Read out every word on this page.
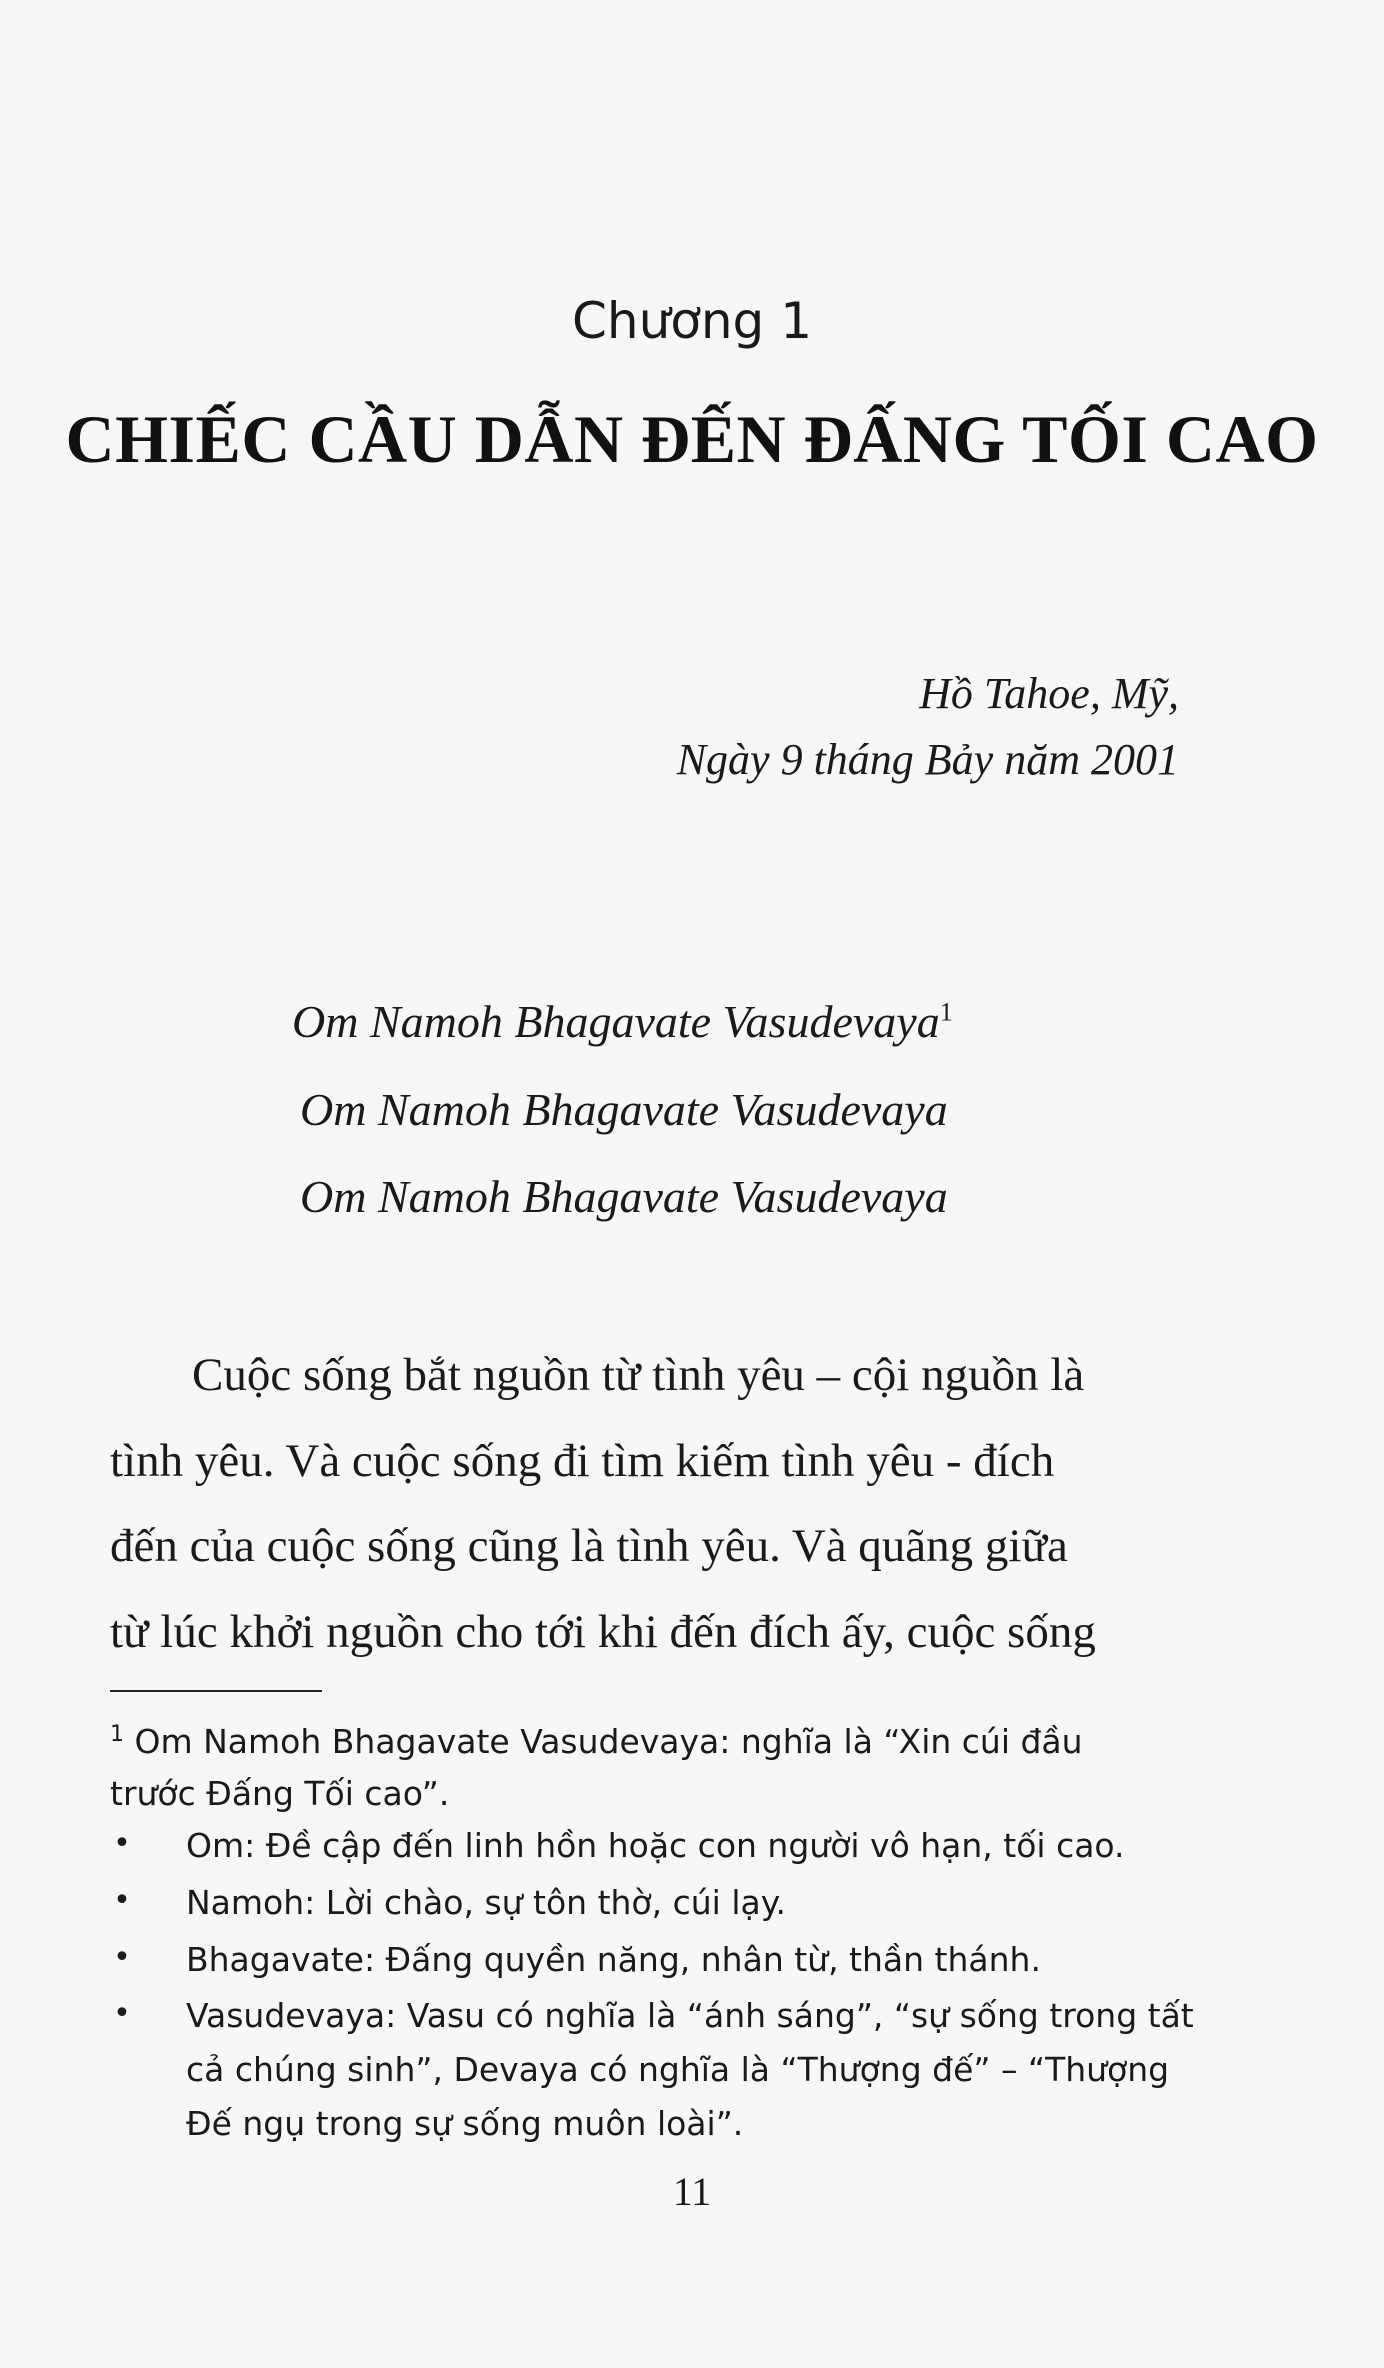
Chương 1
CHIẾC CẦU DẪN ĐẾN ĐẤNG TỐI CAO
Hồ Tahoe, Mỹ,
Ngày 9 tháng Bảy năm 2001
Om Namoh Bhagavate Vasudevaya$^1$
Om Namoh Bhagavate Vasudevaya
Om Namoh Bhagavate Vasudevaya
Cuộc sống bắt nguồn từ tình yêu – cội nguồn là
tình yêu. Và cuộc sống đi tìm kiếm tình yêu - đích
đến của cuộc sống cũng là tình yêu. Và quãng giữa
từ lúc khởi nguồn cho tới khi đến đích ấy, cuộc sống
$^1$ Om Namoh Bhagavate Vasudevaya: nghĩa là “Xin cúi đầu
trước Đấng Tối cao”.
• Om: Đề cập đến linh hồn hoặc con người vô hạn, tối cao.
• Namoh: Lời chào, sự tôn thờ, cúi lạy.
• Bhagavate: Đấng quyền năng, nhân từ, thần thánh.
• Vasudevaya: Vasu có nghĩa là “ánh sáng”, “sự sống trong tất
cả chúng sinh”, Devaya có nghĩa là “Thượng đế” – “Thượng
Đế ngụ trong sự sống muôn loài”.
11
